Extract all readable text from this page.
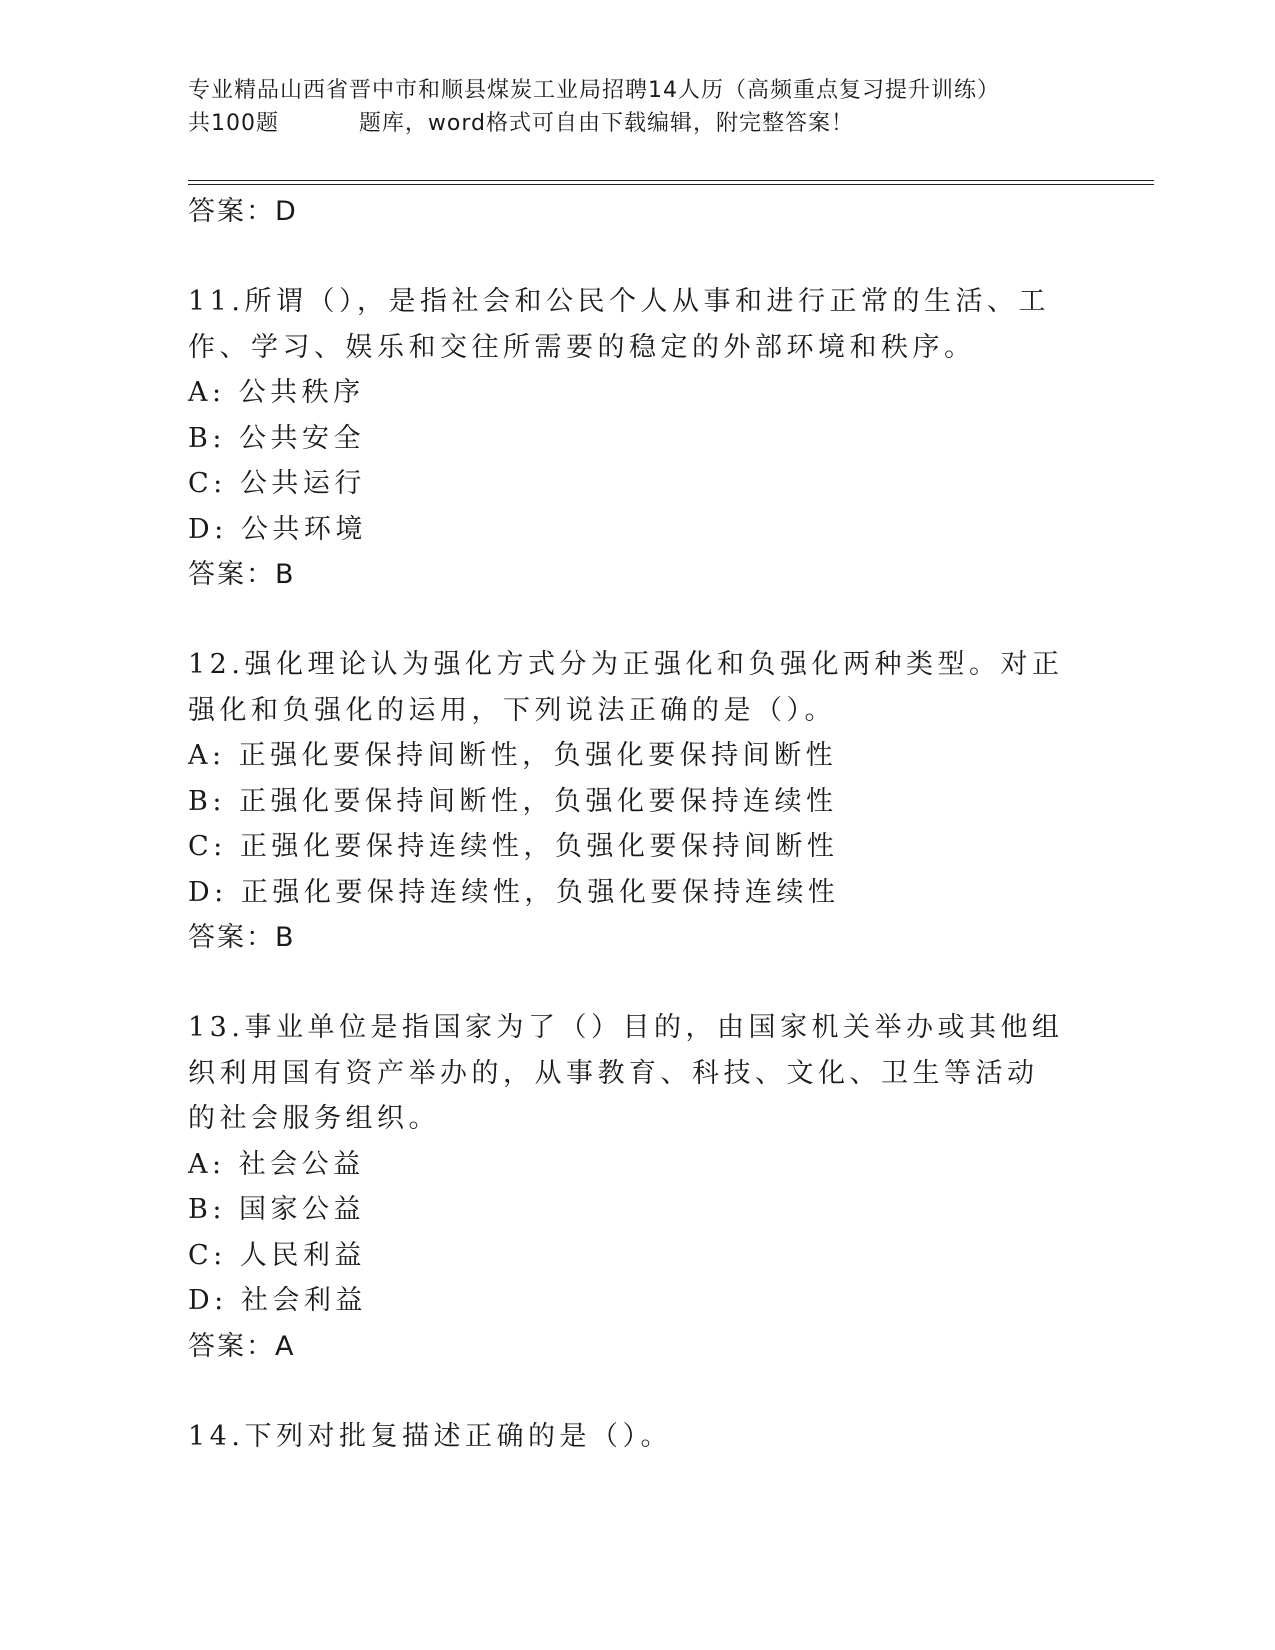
专业精品山西省晋中市和顺县煤炭工业局招聘14人历（高频重点复习提升训练）
共100题          题库，word格式可自由下载编辑，附完整答案！
答案：D
11.所谓（），是指社会和公民个人从事和进行正常的生活、工作、学习、娱乐和交往所需要的稳定的外部环境和秩序。
A: 公共秩序
B: 公共安全
C: 公共运行
D: 公共环境
答案：B
12.强化理论认为强化方式分为正强化和负强化两种类型。对正强化和负强化的运用，下列说法正确的是（）。
A: 正强化要保持间断性，负强化要保持间断性
B: 正强化要保持间断性，负强化要保持连续性
C: 正强化要保持连续性，负强化要保持间断性
D: 正强化要保持连续性，负强化要保持连续性
答案：B
13.事业单位是指国家为了（）目的，由国家机关举办或其他组织利用国有资产举办的，从事教育、科技、文化、卫生等活动的社会服务组织。
A: 社会公益
B: 国家公益
C: 人民利益
D: 社会利益
答案：A
14.下列对批复描述正确的是（）。
